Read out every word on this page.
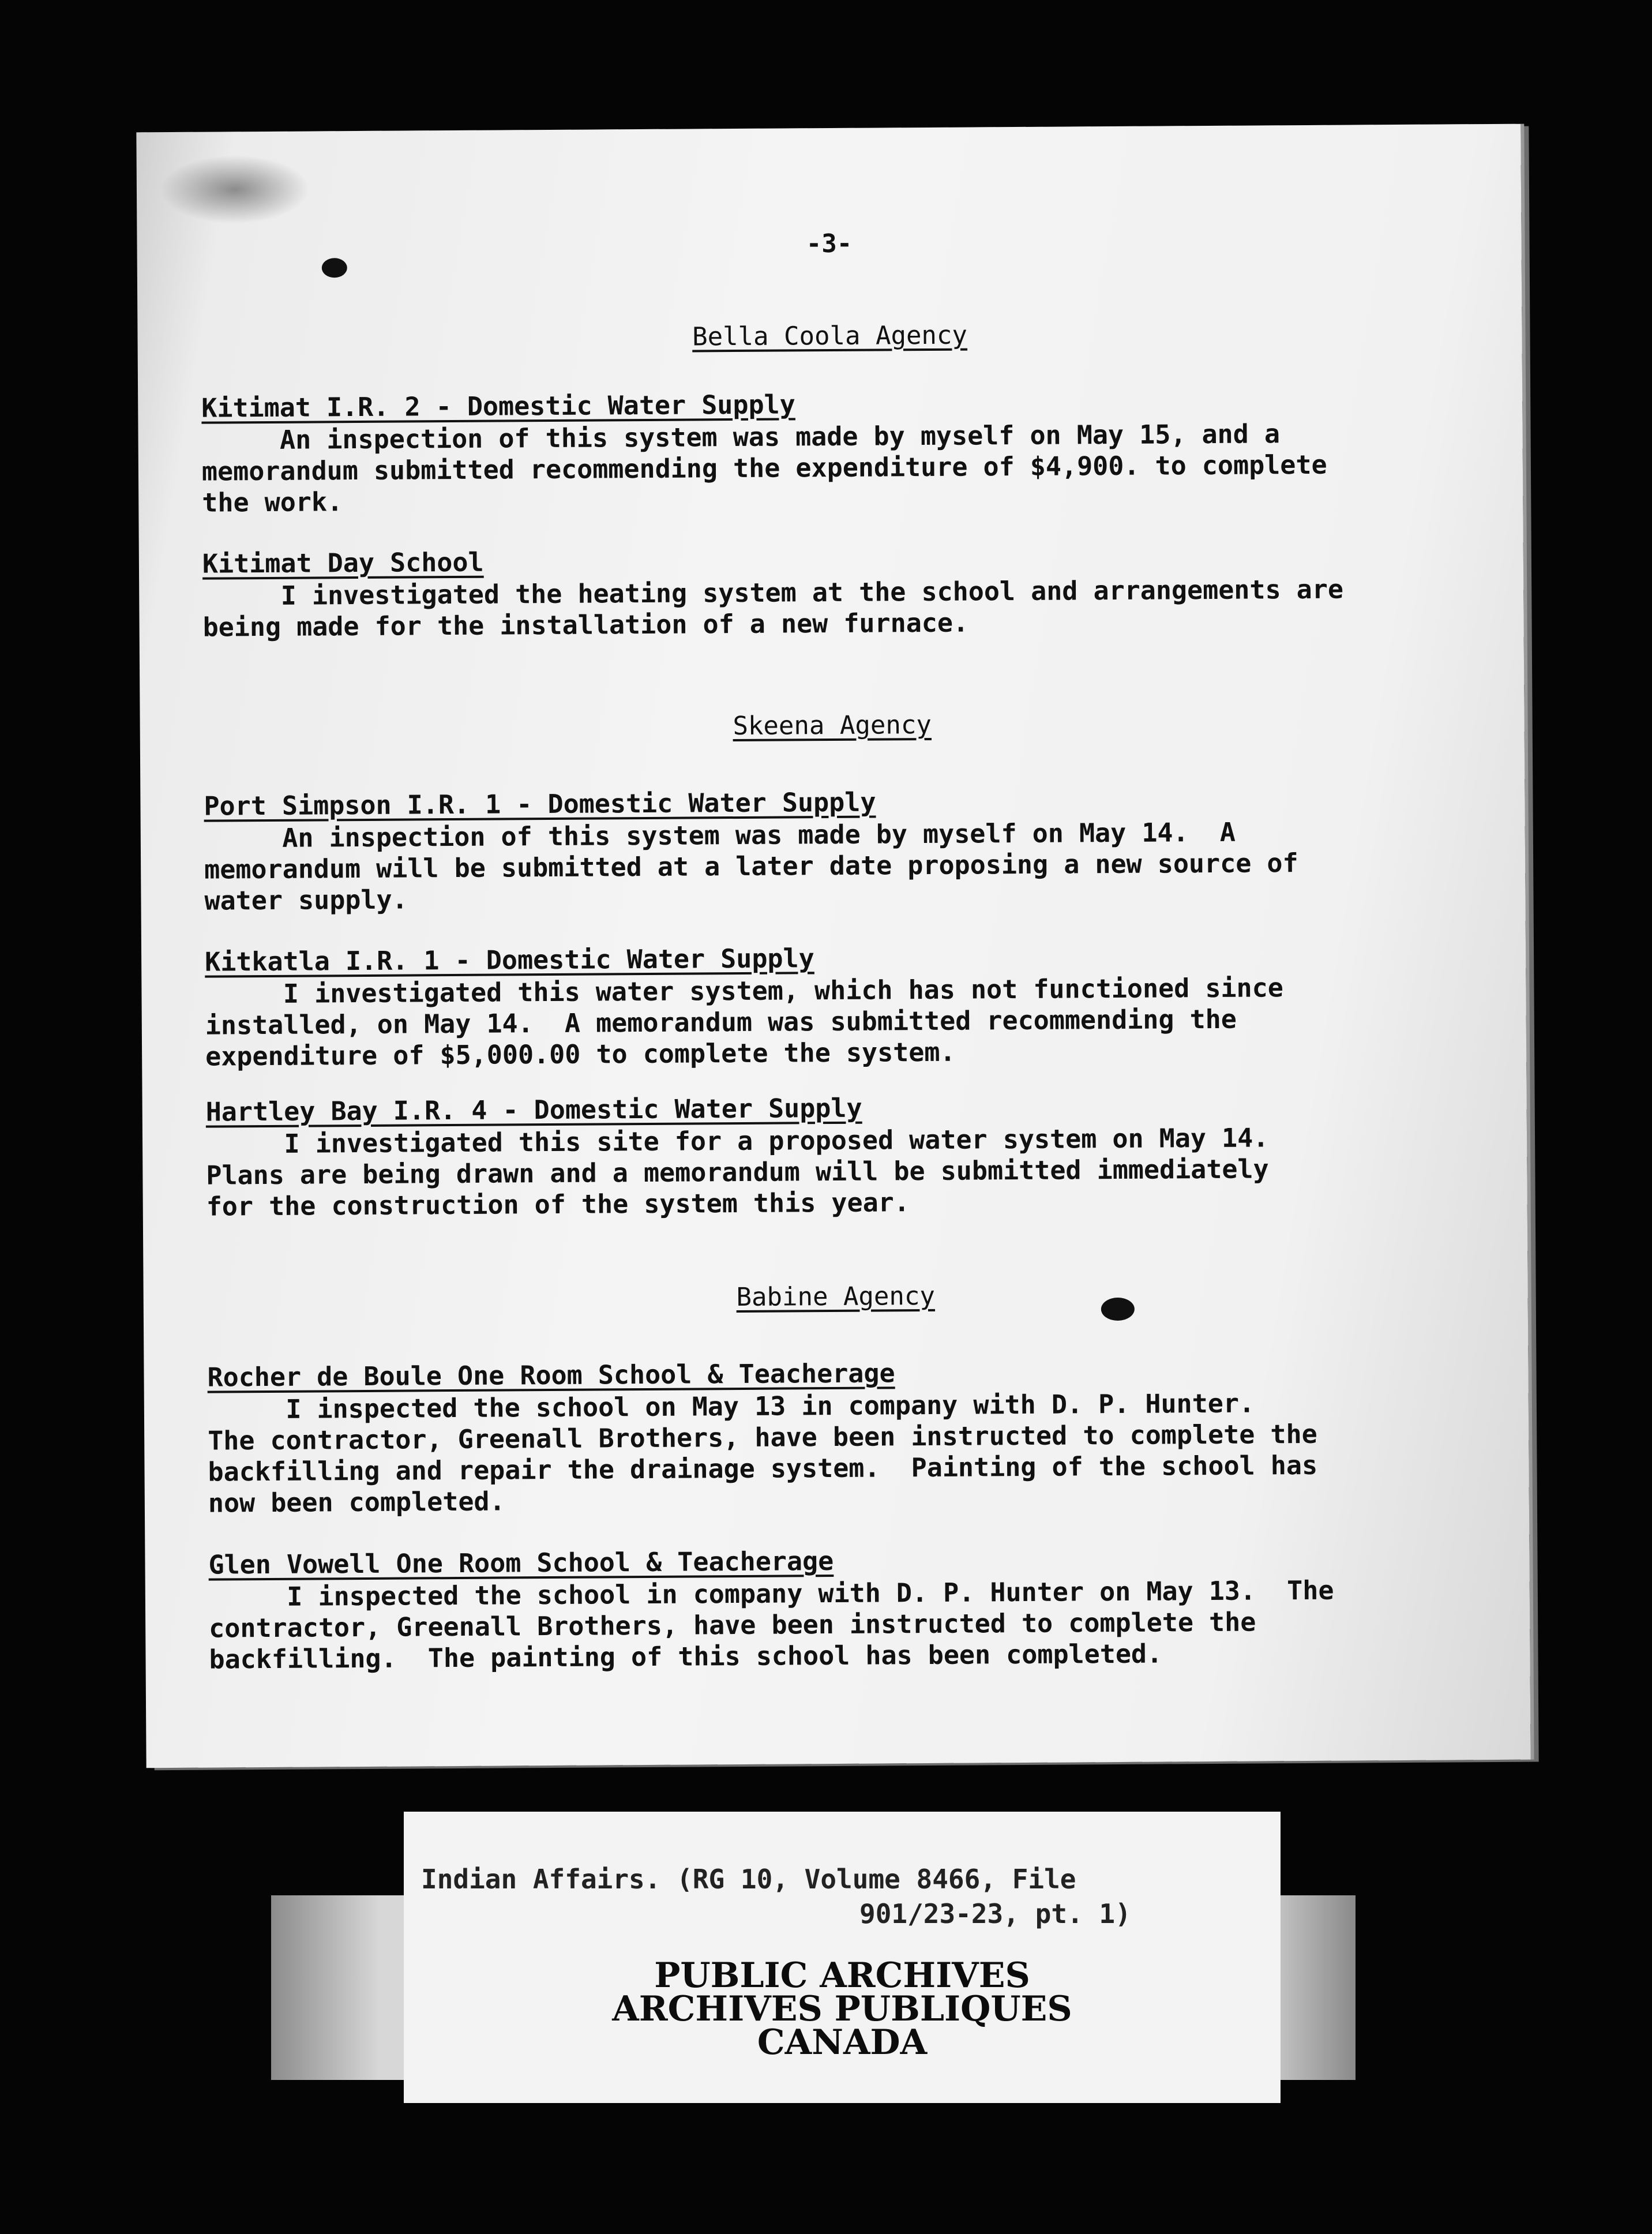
-3-
Bella Coola Agency
Kitimat I.R. 2 - Domestic Water Supply
An inspection of this system was made by myself on May 15, and a
memorandum submitted recommending the expenditure of $4,900. to complete
the work.
Kitimat Day School
I investigated the heating system at the school and arrangements are
being made for the installation of a new furnace.
Skeena Agency
Port Simpson I.R. 1 - Domestic Water Supply
An inspection of this system was made by myself on May 14.  A
memorandum will be submitted at a later date proposing a new source of
water supply.
Kitkatla I.R. 1 - Domestic Water Supply
I investigated this water system, which has not functioned since
installed, on May 14.  A memorandum was submitted recommending the
expenditure of $5,000.00 to complete the system.
Hartley Bay I.R. 4 - Domestic Water Supply
I investigated this site for a proposed water system on May 14.
Plans are being drawn and a memorandum will be submitted immediately
for the construction of the system this year.
Babine Agency
Rocher de Boule One Room School & Teacherage
I inspected the school on May 13 in company with D. P. Hunter.
The contractor, Greenall Brothers, have been instructed to complete the
backfilling and repair the drainage system.  Painting of the school has
now been completed.
Glen Vowell One Room School & Teacherage
I inspected the school in company with D. P. Hunter on May 13.  The
contractor, Greenall Brothers, have been instructed to complete the
backfilling.  The painting of this school has been completed.
Indian Affairs. (RG 10, Volume 8466, File
901/23-23, pt. 1)
PUBLIC ARCHIVES
ARCHIVES PUBLIQUES
CANADA
